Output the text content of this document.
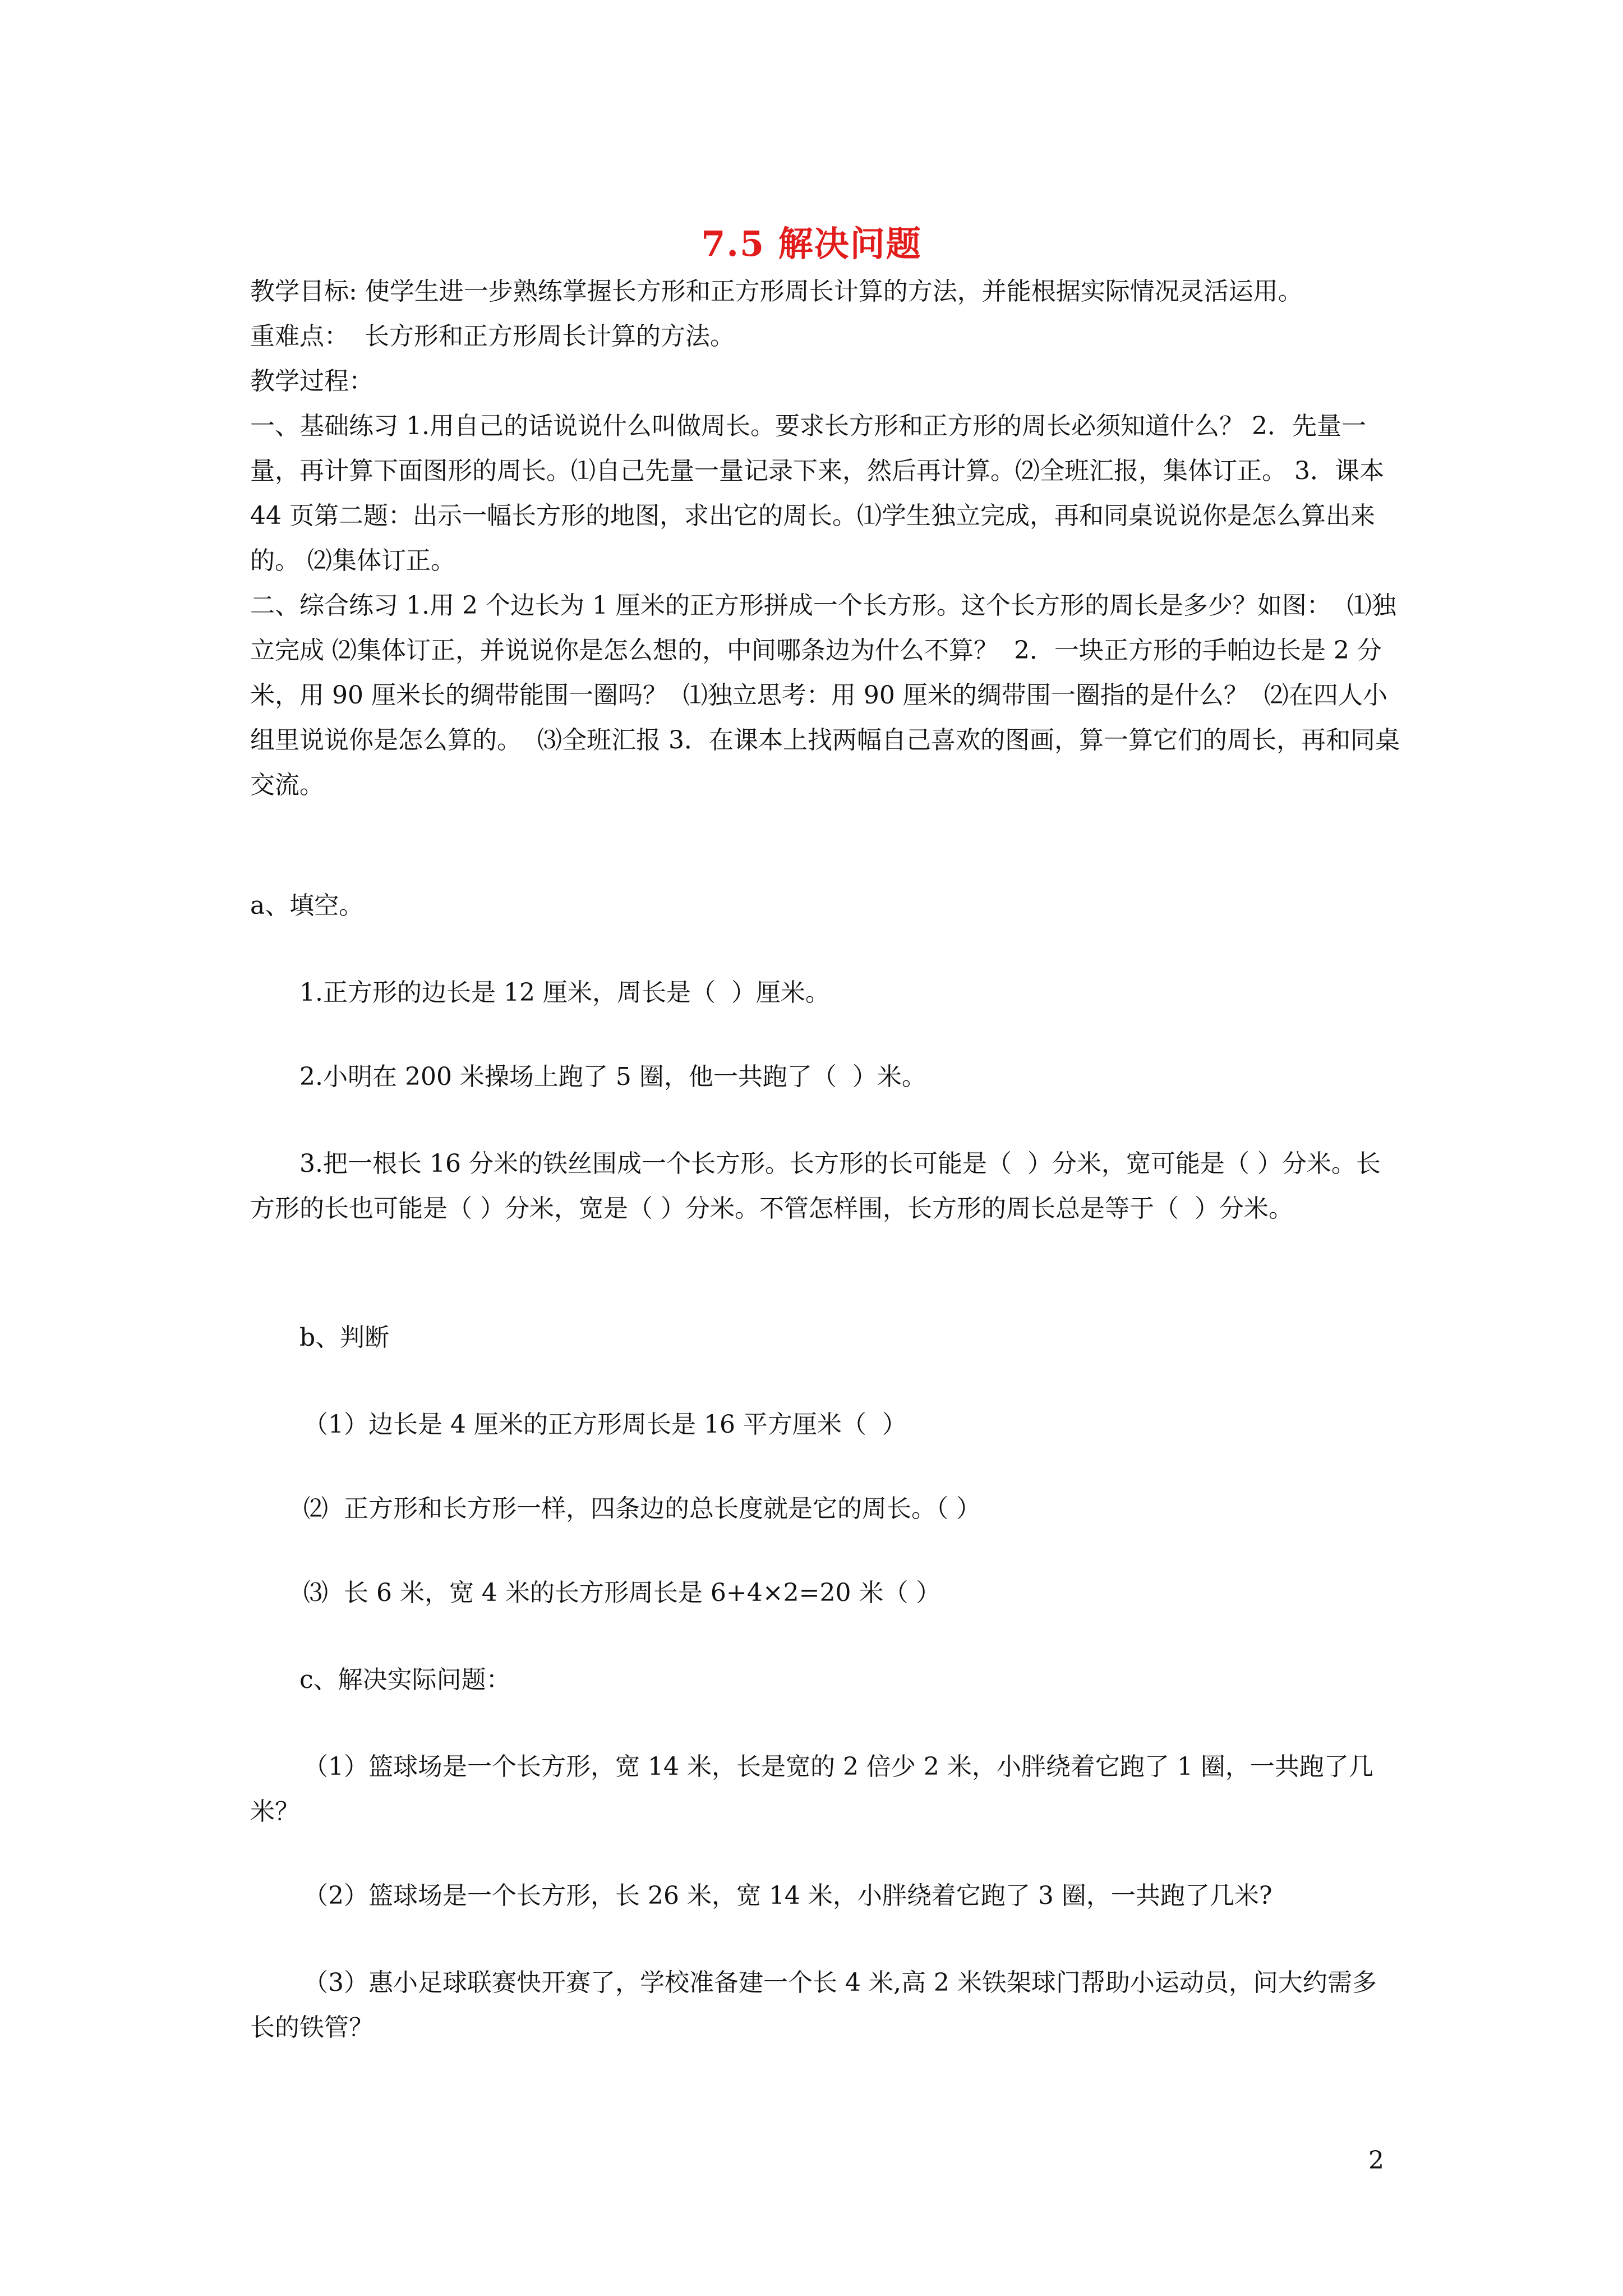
7.5 解决问题

教学目标: 使学生进一步熟练掌握长方形和正方形周长计算的方法，并能根据实际情况灵活运用。

重难点：  长方形和正方形周长计算的方法。

教学过程：

一、基础练习 1.用自己的话说说什么叫做周长。要求长方形和正方形的周长必须知道什么？ 2．先量一量，再计算下面图形的周长。⑴自己先量一量记录下来，然后再计算。⑵全班汇报，集体订正。 3．课本 44 页第二题：出示一幅长方形的地图，求出它的周长。⑴学生独立完成，再和同桌说说你是怎么算出来的。 ⑵集体订正。

二、综合练习 1.用 2 个边长为 1 厘米的正方形拼成一个长方形。这个长方形的周长是多少？如图：  ⑴独立完成 ⑵集体订正，并说说你是怎么想的，中间哪条边为什么不算？  2．一块正方形的手帕边长是 2 分米，用 90 厘米长的绸带能围一圈吗？  ⑴独立思考：用 90 厘米的绸带围一圈指的是什么？  ⑵在四人小组里说说你是怎么算的。  ⑶全班汇报 3．在课本上找两幅自己喜欢的图画，算一算它们的周长，再和同桌交流。

a、填空。

1.正方形的边长是 12 厘米，周长是（  ）厘米。

2.小明在 200 米操场上跑了 5 圈，他一共跑了（  ）米。

3.把一根长 16 分米的铁丝围成一个长方形。长方形的长可能是（  ）分米，宽可能是（ ）分米。长方形的长也可能是（ ）分米，宽是（ ）分米。不管怎样围，长方形的周长总是等于（  ）分米。

b、判断

（1）边长是 4 厘米的正方形周长是 16 平方厘米（  ）

⑵  正方形和长方形一样，四条边的总长度就是它的周长。（ ）

⑶  长 6 米，宽 4 米的长方形周长是 6+4×2=20 米（ ）

c、解决实际问题：

（1）篮球场是一个长方形，宽 14 米，长是宽的 2 倍少 2 米，小胖绕着它跑了 1 圈，一共跑了几米？

（2）篮球场是一个长方形，长 26 米，宽 14 米，小胖绕着它跑了 3 圈，一共跑了几米?

（3）惠小足球联赛快开赛了，学校准备建一个长 4 米,高 2 米铁架球门帮助小运动员，问大约需多长的铁管？

2
